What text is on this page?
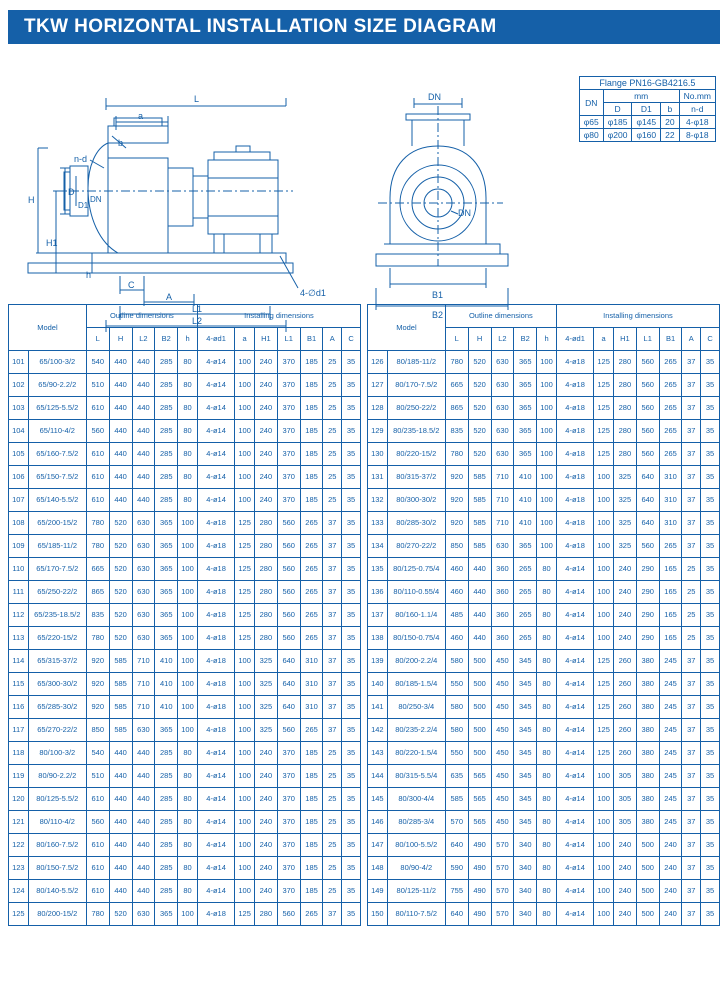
TKW HORIZONTAL INSTALLATION SIZE DIAGRAM
L
a
b
n-d
D
D1
DN
H
H1
h
C
A
L1
L2
4-∅d1
DN
DN
B1
B2
Flange PN16-GB4216.5				
DN	mm			No.mm
	D	D1	b	n-d
φ65	φ185	φ145	20	4-φ18
φ80	φ200	φ160	22	8-φ18
Model		Outline dimensions					Installing dimensions						
		L	H	L2	B2	h	4-ød1	a	H1	L1	B1	A	C
101	65/100-3/2	540	440	440	285	80	4-ø14	100	240	370	185	25	35
102	65/90-2.2/2	510	440	440	285	80	4-ø14	100	240	370	185	25	35
103	65/125-5.5/2	610	440	440	285	80	4-ø14	100	240	370	185	25	35
104	65/110-4/2	560	440	440	285	80	4-ø14	100	240	370	185	25	35
105	65/160-7.5/2	610	440	440	285	80	4-ø14	100	240	370	185	25	35
106	65/150-7.5/2	610	440	440	285	80	4-ø14	100	240	370	185	25	35
107	65/140-5.5/2	610	440	440	285	80	4-ø14	100	240	370	185	25	35
108	65/200-15/2	780	520	630	365	100	4-ø18	125	280	560	265	37	35
109	65/185-11/2	780	520	630	365	100	4-ø18	125	280	560	265	37	35
110	65/170-7.5/2	665	520	630	365	100	4-ø18	125	280	560	265	37	35
111	65/250-22/2	865	520	630	365	100	4-ø18	125	280	560	265	37	35
112	65/235-18.5/2	835	520	630	365	100	4-ø18	125	280	560	265	37	35
113	65/220-15/2	780	520	630	365	100	4-ø18	125	280	560	265	37	35
114	65/315-37/2	920	585	710	410	100	4-ø18	100	325	640	310	37	35
115	65/300-30/2	920	585	710	410	100	4-ø18	100	325	640	310	37	35
116	65/285-30/2	920	585	710	410	100	4-ø18	100	325	640	310	37	35
117	65/270-22/2	850	585	630	365	100	4-ø18	100	325	560	265	37	35
118	80/100-3/2	540	440	440	285	80	4-ø14	100	240	370	185	25	35
119	80/90-2.2/2	510	440	440	285	80	4-ø14	100	240	370	185	25	35
120	80/125-5.5/2	610	440	440	285	80	4-ø14	100	240	370	185	25	35
121	80/110-4/2	560	440	440	285	80	4-ø14	100	240	370	185	25	35
122	80/160-7.5/2	610	440	440	285	80	4-ø14	100	240	370	185	25	35
123	80/150-7.5/2	610	440	440	285	80	4-ø14	100	240	370	185	25	35
124	80/140-5.5/2	610	440	440	285	80	4-ø14	100	240	370	185	25	35
125	80/200-15/2	780	520	630	365	100	4-ø18	125	280	560	265	37	35
Model		Outline dimensions					Installing dimensions						
		L	H	L2	B2	h	4-ød1	a	H1	L1	B1	A	C
126	80/185-11/2	780	520	630	365	100	4-ø18	125	280	560	265	37	35
127	80/170-7.5/2	665	520	630	365	100	4-ø18	125	280	560	265	37	35
128	80/250-22/2	865	520	630	365	100	4-ø18	125	280	560	265	37	35
129	80/235-18.5/2	835	520	630	365	100	4-ø18	125	280	560	265	37	35
130	80/220-15/2	780	520	630	365	100	4-ø18	125	280	560	265	37	35
131	80/315-37/2	920	585	710	410	100	4-ø18	100	325	640	310	37	35
132	80/300-30/2	920	585	710	410	100	4-ø18	100	325	640	310	37	35
133	80/285-30/2	920	585	710	410	100	4-ø18	100	325	640	310	37	35
134	80/270-22/2	850	585	630	365	100	4-ø18	100	325	560	265	37	35
135	80/125-0.75/4	460	440	360	265	80	4-ø14	100	240	290	165	25	35
136	80/110-0.55/4	460	440	360	265	80	4-ø14	100	240	290	165	25	35
137	80/160-1.1/4	485	440	360	265	80	4-ø14	100	240	290	165	25	35
138	80/150-0.75/4	460	440	360	265	80	4-ø14	100	240	290	165	25	35
139	80/200-2.2/4	580	500	450	345	80	4-ø14	125	260	380	245	37	35
140	80/185-1.5/4	550	500	450	345	80	4-ø14	125	260	380	245	37	35
141	80/250-3/4	580	500	450	345	80	4-ø14	125	260	380	245	37	35
142	80/235-2.2/4	580	500	450	345	80	4-ø14	125	260	380	245	37	35
143	80/220-1.5/4	550	500	450	345	80	4-ø14	125	260	380	245	37	35
144	80/315-5.5/4	635	565	450	345	80	4-ø14	100	305	380	245	37	35
145	80/300-4/4	585	565	450	345	80	4-ø14	100	305	380	245	37	35
146	80/285-3/4	570	565	450	345	80	4-ø14	100	305	380	245	37	35
147	80/100-5.5/2	640	490	570	340	80	4-ø14	100	240	500	240	37	35
148	80/90-4/2	590	490	570	340	80	4-ø14	100	240	500	240	37	35
149	80/125-11/2	755	490	570	340	80	4-ø14	100	240	500	240	37	35
150	80/110-7.5/2	640	490	570	340	80	4-ø14	100	240	500	240	37	35
